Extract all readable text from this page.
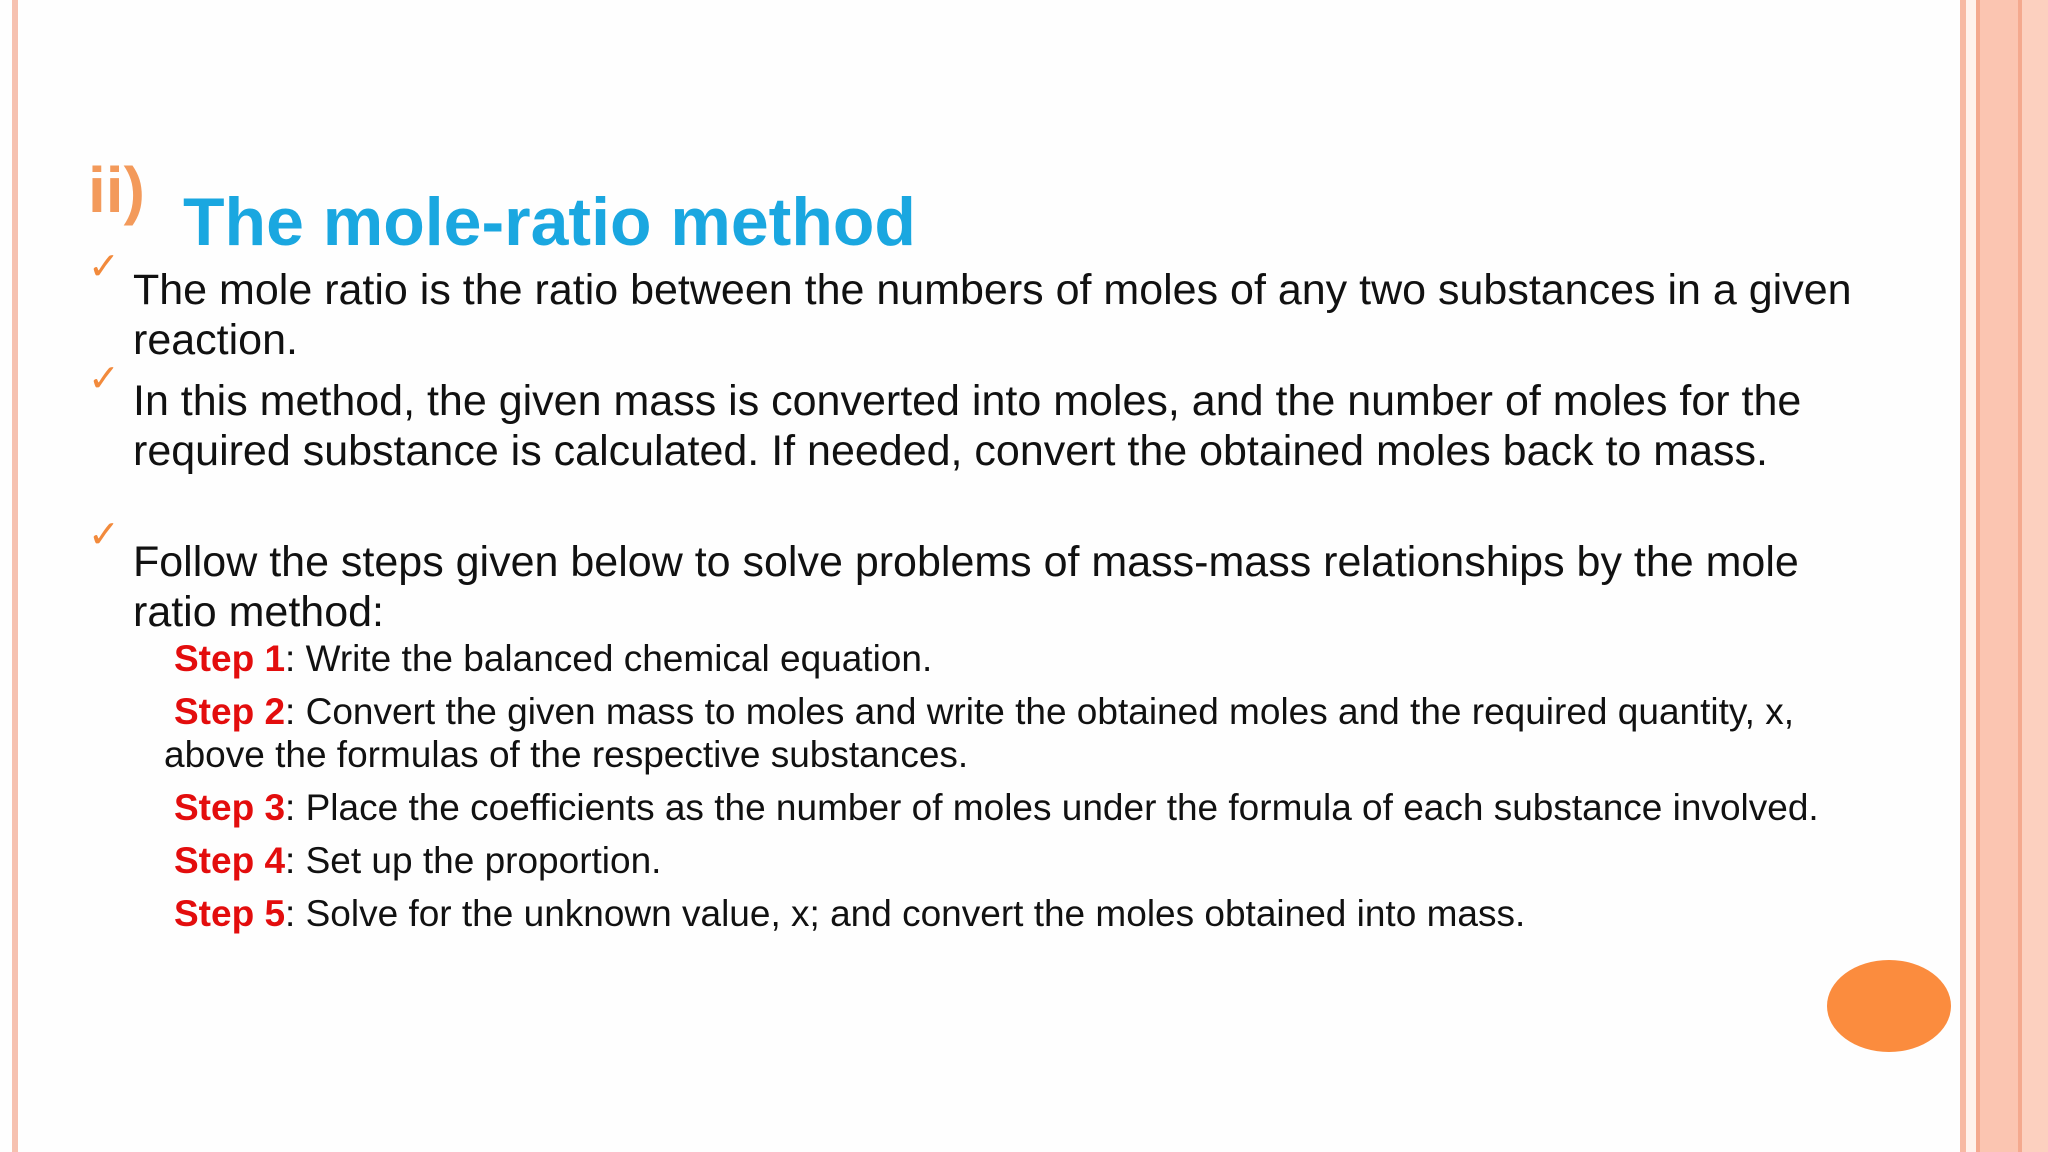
ii) The mole-ratio method
✓ The mole ratio is the ratio between the numbers of moles of any two substances in a given reaction.
✓ In this method, the given mass is converted into moles, and the number of moles for the required substance is calculated. If needed, convert the obtained moles back to mass.
✓
Follow the steps given below to solve problems of mass-mass relationships by the mole ratio method:
Step 1: Write the balanced chemical equation.
Step 2: Convert the given mass to moles and write the obtained moles and the required quantity, x, above the formulas of the respective substances.
Step 3: Place the coefficients as the number of moles under the formula of each substance involved.
Step 4: Set up the proportion.
Step 5: Solve for the unknown value, x; and convert the moles obtained into mass.
